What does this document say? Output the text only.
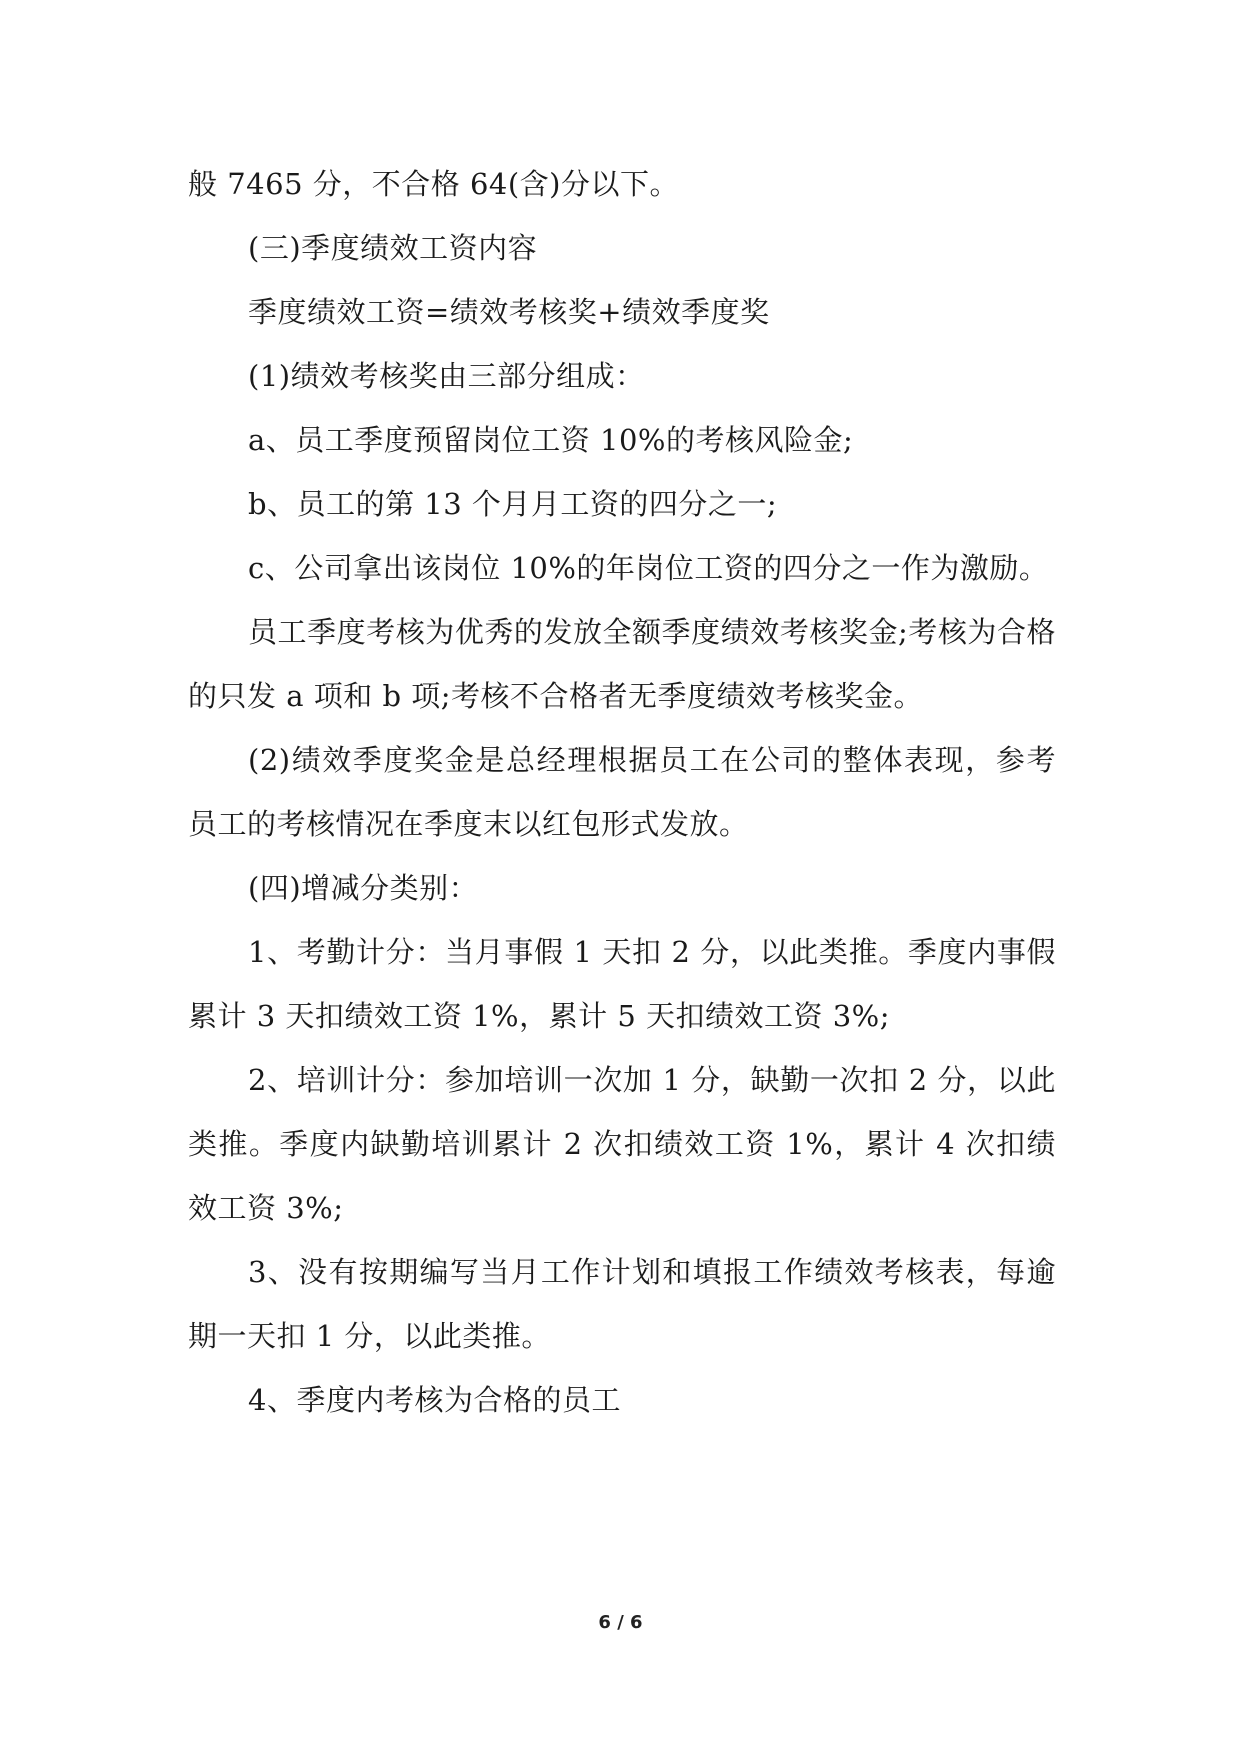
般 7465 分，不合格 64(含)分以下。

(三)季度绩效工资内容

季度绩效工资=绩效考核奖+绩效季度奖

(1)绩效考核奖由三部分组成：

a、员工季度预留岗位工资 10%的考核风险金;

b、员工的第 13 个月月工资的四分之一;

c、公司拿出该岗位 10%的年岗位工资的四分之一作为激励。

员工季度考核为优秀的发放全额季度绩效考核奖金;考核为合格的只发 a 项和 b 项;考核不合格者无季度绩效考核奖金。

(2)绩效季度奖金是总经理根据员工在公司的整体表现，参考员工的考核情况在季度末以红包形式发放。

(四)增减分类别：

1、考勤计分：当月事假 1 天扣 2 分，以此类推。季度内事假累计 3 天扣绩效工资 1%，累计 5 天扣绩效工资 3%;

2、培训计分：参加培训一次加 1 分，缺勤一次扣 2 分，以此类推。季度内缺勤培训累计 2 次扣绩效工资 1%，累计 4 次扣绩效工资 3%;

3、没有按期编写当月工作计划和填报工作绩效考核表，每逾期一天扣 1 分，以此类推。

4、季度内考核为合格的员工

6 / 6
